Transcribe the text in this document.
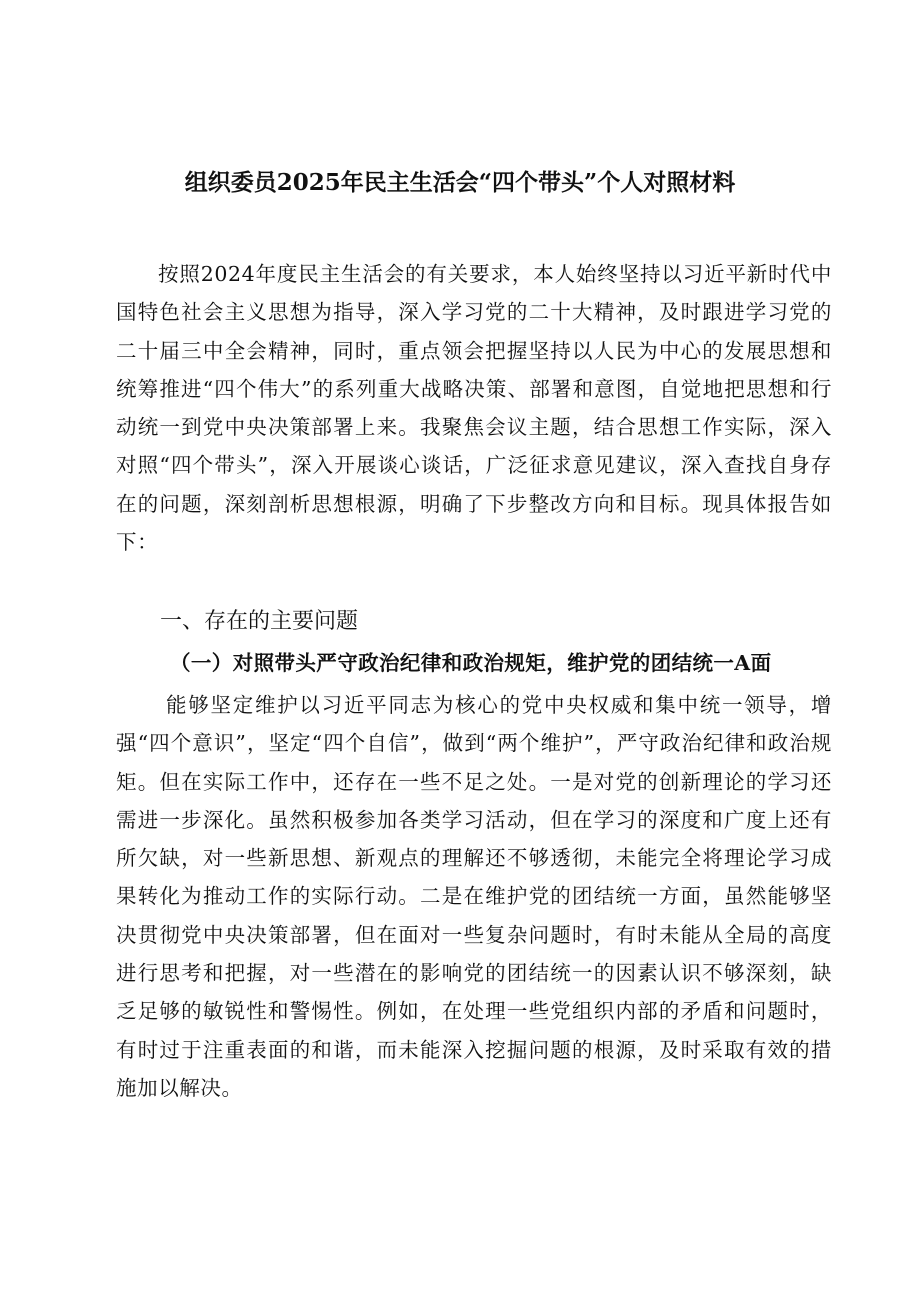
组织委员2025年民主生活会“四个带头”个人对照材料

按照2024年度民主生活会的有关要求，本人始终坚持以习近平新时代中国特色社会主义思想为指导，深入学习党的二十大精神，及时跟进学习党的二十届三中全会精神，同时，重点领会把握坚持以人民为中心的发展思想和统筹推进“四个伟大”的系列重大战略决策、部署和意图，自觉地把思想和行动统一到党中央决策部署上来。我聚焦会议主题，结合思想工作实际，深入对照“四个带头”，深入开展谈心谈话，广泛征求意见建议，深入查找自身存在的问题，深刻剖析思想根源，明确了下步整改方向和目标。现具体报告如下：

一、存在的主要问题
（一）对照带头严守政治纪律和政治规矩，维护党的团结统一A面

能够坚定维护以习近平同志为核心的党中央权威和集中统一领导，增强“四个意识”，坚定“四个自信”，做到“两个维护”，严守政治纪律和政治规矩。但在实际工作中，还存在一些不足之处。一是对党的创新理论的学习还需进一步深化。虽然积极参加各类学习活动，但在学习的深度和广度上还有所欠缺，对一些新思想、新观点的理解还不够透彻，未能完全将理论学习成果转化为推动工作的实际行动。二是在维护党的团结统一方面，虽然能够坚决贯彻党中央决策部署，但在面对一些复杂问题时，有时未能从全局的高度进行思考和把握，对一些潜在的影响党的团结统一的因素认识不够深刻，缺乏足够的敏锐性和警惕性。例如，在处理一些党组织内部的矛盾和问题时，有时过于注重表面的和谐，而未能深入挖掘问题的根源，及时采取有效的措施加以解决。
